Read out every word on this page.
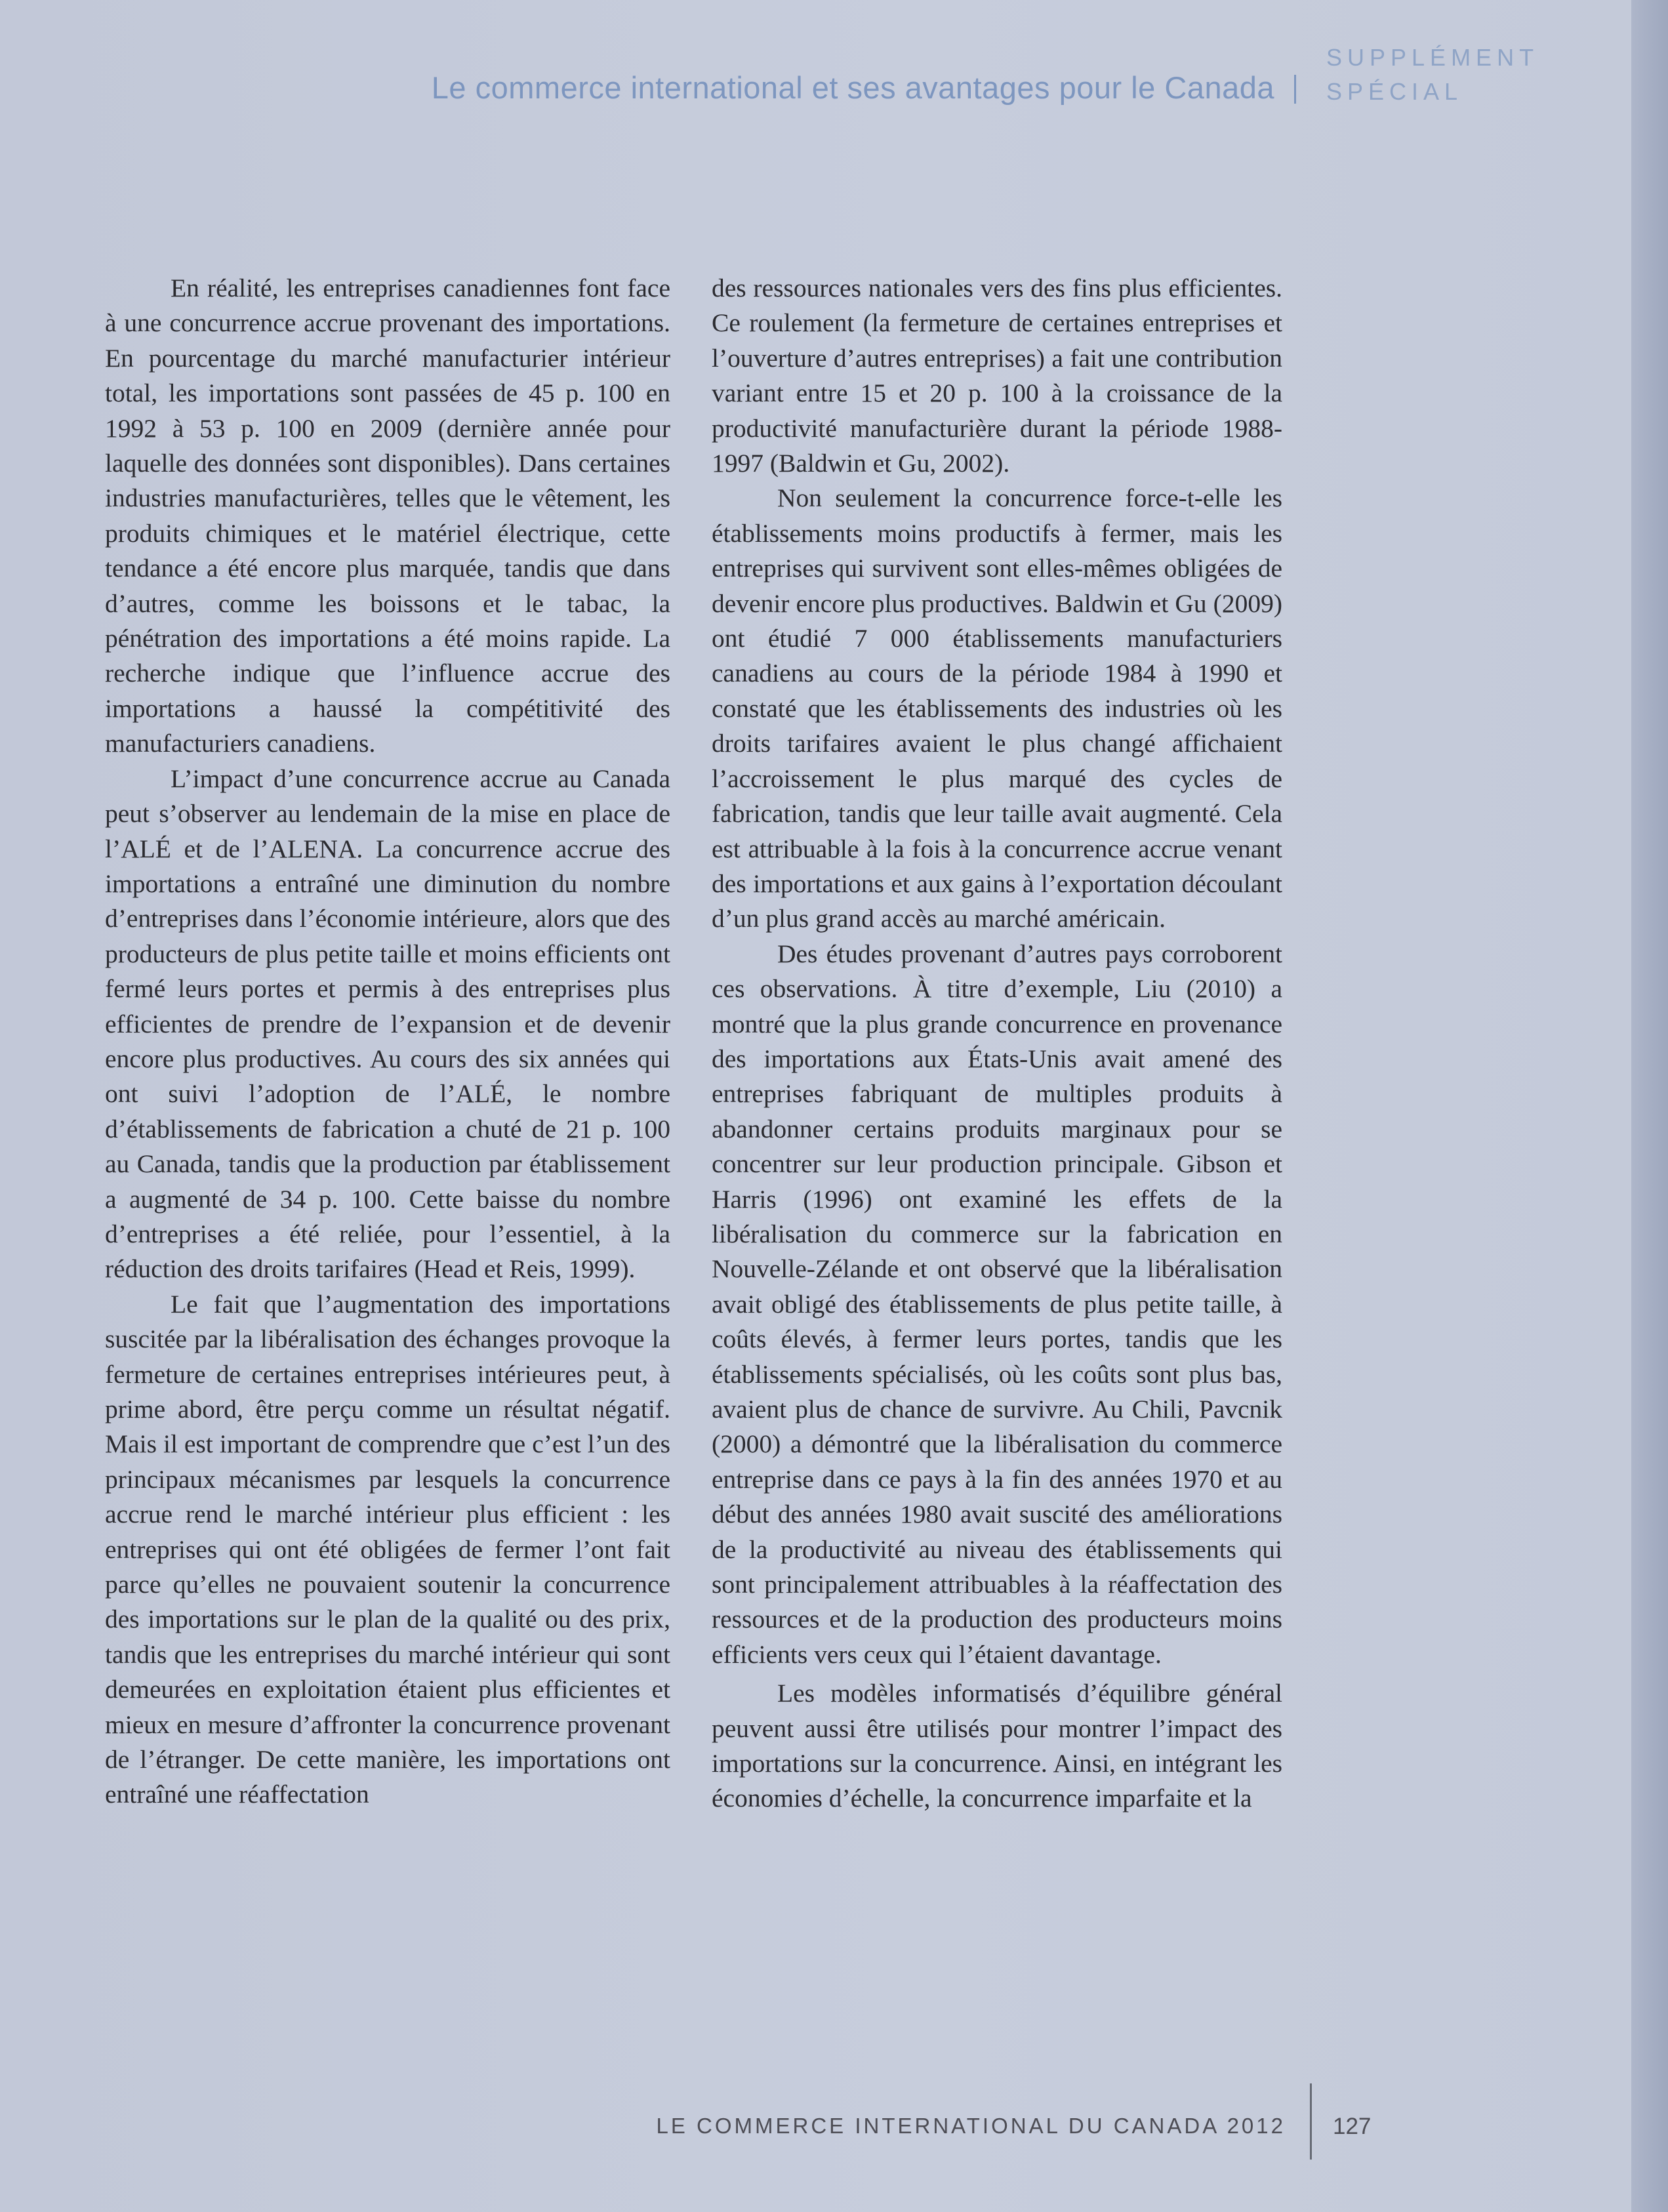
Le commerce international et ses avantages pour le Canada
SUPPLÉMENT
SPÉCIAL

En réalité, les entreprises canadiennes font face à une concurrence accrue provenant des importations. En pourcentage du marché manufacturier intérieur total, les importations sont passées de 45 p. 100 en 1992 à 53 p. 100 en 2009 (dernière année pour laquelle des données sont disponibles). Dans certaines industries manufacturières, telles que le vêtement, les produits chimiques et le matériel électrique, cette tendance a été encore plus marquée, tandis que dans d’autres, comme les boissons et le tabac, la pénétration des importations a été moins rapide. La recherche indique que l’influence accrue des importations a haussé la compétitivité des manufacturiers canadiens.

L’impact d’une concurrence accrue au Canada peut s’observer au lendemain de la mise en place de l’ALÉ et de l’ALENA. La concurrence accrue des importations a entraîné une diminution du nombre d’entreprises dans l’économie intérieure, alors que des producteurs de plus petite taille et moins efficients ont fermé leurs portes et permis à des entreprises plus efficientes de prendre de l’expansion et de devenir encore plus productives. Au cours des six années qui ont suivi l’adoption de l’ALÉ, le nombre d’établissements de fabrication a chuté de 21 p. 100 au Canada, tandis que la production par établissement a augmenté de 34 p. 100. Cette baisse du nombre d’entreprises a été reliée, pour l’essentiel, à la réduction des droits tarifaires (Head et Reis, 1999).

Le fait que l’augmentation des importations suscitée par la libéralisation des échanges provoque la fermeture de certaines entreprises intérieures peut, à prime abord, être perçu comme un résultat négatif. Mais il est important de comprendre que c’est l’un des principaux mécanismes par lesquels la concurrence accrue rend le marché intérieur plus efficient : les entreprises qui ont été obligées de fermer l’ont fait parce qu’elles ne pouvaient soutenir la concurrence des importations sur le plan de la qualité ou des prix, tandis que les entreprises du marché intérieur qui sont demeurées en exploitation étaient plus efficientes et mieux en mesure d’affronter la concurrence provenant de l’étranger. De cette manière, les importations ont entraîné une réaffectation

des ressources nationales vers des fins plus efficientes. Ce roulement (la fermeture de certaines entreprises et l’ouverture d’autres entreprises) a fait une contribution variant entre 15 et 20 p. 100 à la croissance de la productivité manufacturière durant la période 1988-1997 (Baldwin et Gu, 2002).

Non seulement la concurrence force-t-elle les établissements moins productifs à fermer, mais les entreprises qui survivent sont elles-mêmes obligées de devenir encore plus productives. Baldwin et Gu (2009) ont étudié 7 000 établissements manufacturiers canadiens au cours de la période 1984 à 1990 et constaté que les établissements des industries où les droits tarifaires avaient le plus changé affichaient l’accroissement le plus marqué des cycles de fabrication, tandis que leur taille avait augmenté. Cela est attribuable à la fois à la concurrence accrue venant des importations et aux gains à l’exportation découlant d’un plus grand accès au marché américain.

Des études provenant d’autres pays corroborent ces observations. À titre d’exemple, Liu (2010) a montré que la plus grande concurrence en provenance des importations aux États-Unis avait amené des entreprises fabriquant de multiples produits à abandonner certains produits marginaux pour se concentrer sur leur production principale. Gibson et Harris (1996) ont examiné les effets de la libéralisation du commerce sur la fabrication en Nouvelle-Zélande et ont observé que la libéralisation avait obligé des établissements de plus petite taille, à coûts élevés, à fermer leurs portes, tandis que les établissements spécialisés, où les coûts sont plus bas, avaient plus de chance de survivre. Au Chili, Pavcnik (2000) a démontré que la libéralisation du commerce entreprise dans ce pays à la fin des années 1970 et au début des années 1980 avait suscité des améliorations de la productivité au niveau des établissements qui sont principalement attribuables à la réaffectation des ressources et de la production des producteurs moins efficients vers ceux qui l’étaient davantage.

Les modèles informatisés d’équilibre général peuvent aussi être utilisés pour montrer l’impact des importations sur la concurrence. Ainsi, en intégrant les économies d’échelle, la concurrence imparfaite et la

LE COMMERCE INTERNATIONAL DU CANADA 2012 127
